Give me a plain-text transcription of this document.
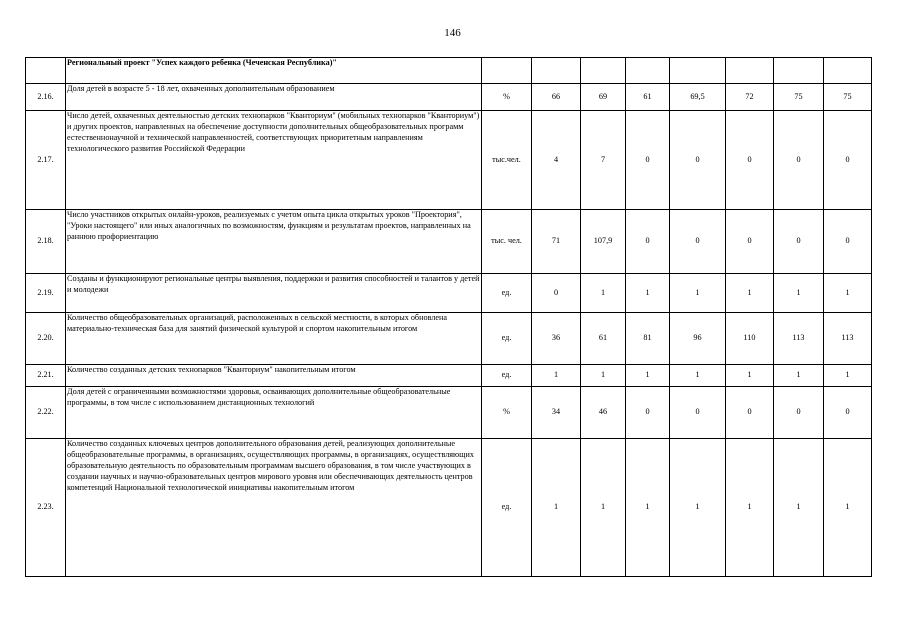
146
	Региональный проект "Успех каждого ребенка (Чеченская Республика)"								
2.16.	Доля детей в возрасте 5 - 18 лет, охваченных дополнительным образованием	%	66	69	61	69,5	72	75	75
2.17.	Число детей, охваченных деятельностью детских технопарков "Кванториум" (мобильных технопарков "Кванториум") и других проектов, направленных на обеспечение доступности дополнительных общеобразовательных программ естественнонаучной и технической направленностей, соответствующих приоритетным направлениям технологического развития Российской Федерации	тыс.чел.	4	7	0	0	0	0	0
2.18.	Число участников открытых онлайн-уроков, реализуемых с учетом опыта цикла открытых уроков "Проектория", "Уроки настоящего" или иных аналогичных по возможностям, функциям и результатам проектов, направленных на раннюю профориентацию	тыс. чел.	71	107,9	0	0	0	0	0
2.19.	Созданы и функционируют региональные центры выявления, поддержки и развития способностей и талантов у детей и молодежи	ед.	0	1	1	1	1	1	1
2.20.	Количество общеобразовательных организаций, расположенных в сельской местности, в которых обновлена материально-техническая база для занятий физической культурой и спортом накопительным итогом	ед.	36	61	81	96	110	113	113
2.21.	Количество созданных детских технопарков "Кванториум" накопительным итогом	ед.	1	1	1	1	1	1	1
2.22.	Доля детей с ограниченными возможностями здоровья, осваивающих дополнительные общеобразовательные программы, в том числе с использованием дистанционных технологий	%	34	46	0	0	0	0	0
2.23.	Количество созданных ключевых центров дополнительного образования детей, реализующих дополнительные общеобразовательные программы, в организациях, осуществляющих программы, в организациях, осуществляющих образовательную деятельность по образовательным программам высшего образования, в том числе участвующих в создании научных и научно-образовательных центров мирового уровня или обеспечивающих деятельность центров компетенций Национальной технологической инициативы накопительным итогом	ед.	1	1	1	1	1	1	1
